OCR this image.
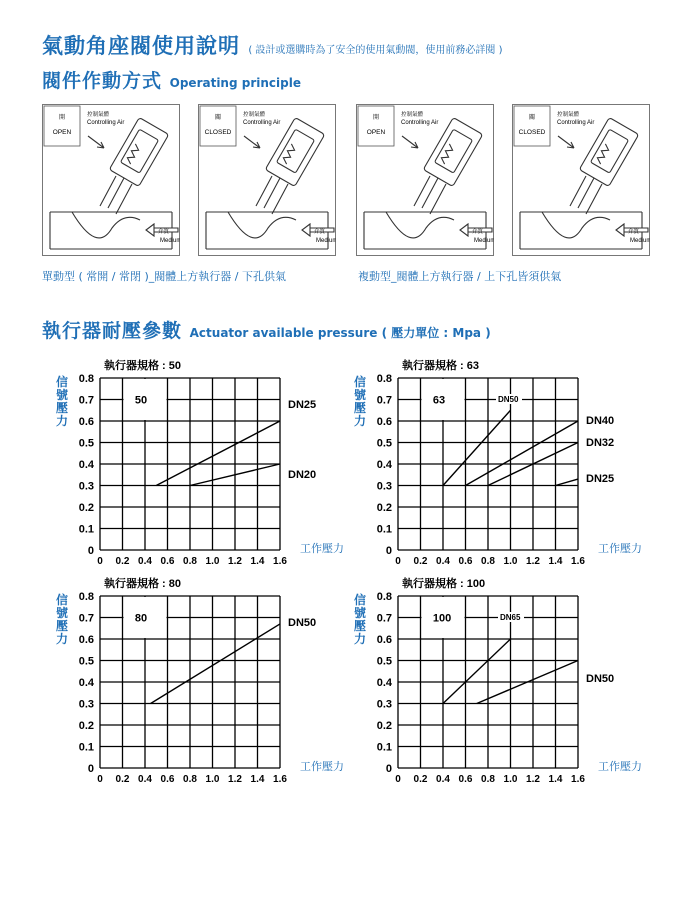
氣動角座閥使用說明 ( 設計或選購時為了安全的使用氣動閥，使用前務必詳閱 )
閥件作動方式 Operating principle
開
OPEN
控制氣體
Controlling Air
介質
Medium
關
CLOSED
控制氣體
Controlling Air
介質
Medium
開
OPEN
控制氣體
Controlling Air
介質
Medium
關
CLOSED
控制氣體
Controlling Air
介質
Medium
單動型 ( 常開 / 常閉 )_閥體上方執行器 / 下孔供氣	複動型_閥體上方執行器 / 上下孔皆須供氣
執行器耐壓參數 Actuator available pressure ( 壓力單位 : Mpa )
執行器規格 : 50
信
號
壓
力
50
0
0.1
0.2
0.3
0.4
0.5
0.6
0.7
0.8
0 0.2 0.4 0.6 0.8 1.0 1.2 1.4 1.6
工作壓力
DN25
DN20
執行器規格 : 63
信
號
壓
力
63
0
0.1
0.2
0.3
0.4
0.5
0.6
0.7
0.8
0 0.2 0.4 0.6 0.8 1.0 1.2 1.4 1.6
工作壓力
DN50
DN40
DN32
DN25
執行器規格 : 80
信
號
壓
力
80
0
0.1
0.2
0.3
0.4
0.5
0.6
0.7
0.8
0 0.2 0.4 0.6 0.8 1.0 1.2 1.4 1.6
工作壓力
DN50
執行器規格 : 100
信
號
壓
力
100
0
0.1
0.2
0.3
0.4
0.5
0.6
0.7
0.8
0 0.2 0.4 0.6 0.8 1.0 1.2 1.4 1.6
工作壓力
DN65
DN50
